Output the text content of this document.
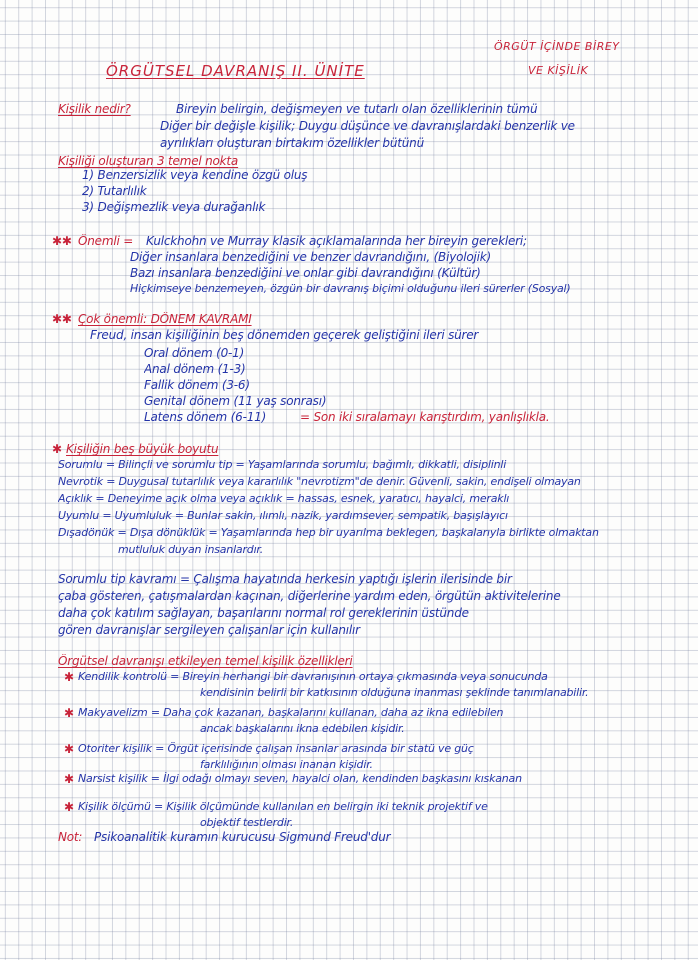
ÖRGÜT İÇİNDE BİREY
VE KİŞİLİK
ÖRGÜTSEL DAVRANIŞ II. ÜNİTE
Kişilik nedir?	Bireyin belirgin, değişmeyen ve tutarlı olan özelliklerinin tümü
Diğer bir değişle kişilik; Duygu düşünce ve davranışlardaki benzerlik ve
ayrılıkları oluşturan birtakım özellikler bütünü
Kişiliği oluşturan 3 temel nokta
1) Benzersizlik veya kendine özgü oluş
2) Tutarlılık
3) Değişmezlik veya durağanlık
✱✱ Önemli =	Kulckhohn ve Murray klasik açıklamalarında her bireyin gerekleri;
Diğer insanlara benzediğini ve benzer davrandığını, (Biyolojik)
Bazı insanlara benzediğini ve onlar gibi davrandığını (Kültür)
Hiçkimseye benzemeyen, özgün bir davranış biçimi olduğunu ileri sürerler (Sosyal)
✱✱ Çok önemli: DÖNEM KAVRAMI
Freud, insan kişiliğinin beş dönemden geçerek geliştiğini ileri sürer
Oral dönem (0-1)
Anal dönem (1-3)
Fallik dönem (3-6)
Genital dönem (11 yaş sonrası)
Latens dönem (6-11)	= Son iki sıralamayı karıştırdım, yanlışlıkla.
✱ Kişiliğin beş büyük boyutu
Sorumlu = Bilinçli ve sorumlu tip = Yaşamlarında sorumlu, bağımlı, dikkatli, disiplinli
Nevrotik = Duygusal tutarlılık veya kararlılık "nevrotizm"de denir. Güvenli, sakin, endişeli olmayan
Açıklık = Deneyime açık olma veya açıklık = hassas, esnek, yaratıcı, hayalci, meraklı
Uyumlu = Uyumluluk = Bunlar sakin, ılımlı, nazik, yardımsever, sempatik, başışlayıcı
Dışadönük = Dışa dönüklük = Yaşamlarında hep bir uyarılma beklegen, başkalarıyla birlikte olmaktan
mutluluk duyan insanlardır.
Sorumlu tip kavramı = Çalışma hayatında herkesin yaptığı işlerin ilerisinde bir
çaba gösteren, çatışmalardan kaçınan, diğerlerine yardım eden, örgütün aktivitelerine
daha çok katılım sağlayan, başarılarını normal rol gereklerinin üstünde
gören davranışlar sergileyen çalışanlar için kullanılır
Örgütsel davranışı etkileyen temel kişilik özellikleri
✱ Kendilik kontrolü = Bireyin herhangi bir davranışının ortaya çıkmasında veya sonucunda
kendisinin belirli bir katkısının olduğuna inanması şeklinde tanımlanabilir.
✱ Makyavelizm = Daha çok kazanan, başkalarını kullanan, daha az ikna edilebilen
ancak başkalarını ikna edebilen kişidir.
✱ Otoriter kişilik = Örgüt içerisinde çalışan insanlar arasında bir statü ve güç
farklılığının olması inanan kişidir.
✱ Narsist kişilik = İlgi odağı olmayı seven, hayalci olan, kendinden başkasını kıskanan
✱ Kişilik ölçümü = Kişilik ölçümünde kullanılan en belirgin iki teknik projektif ve
objektif testlerdir.
Not: Psikoanalitik kuramın kurucusu Sigmund Freud'dur
